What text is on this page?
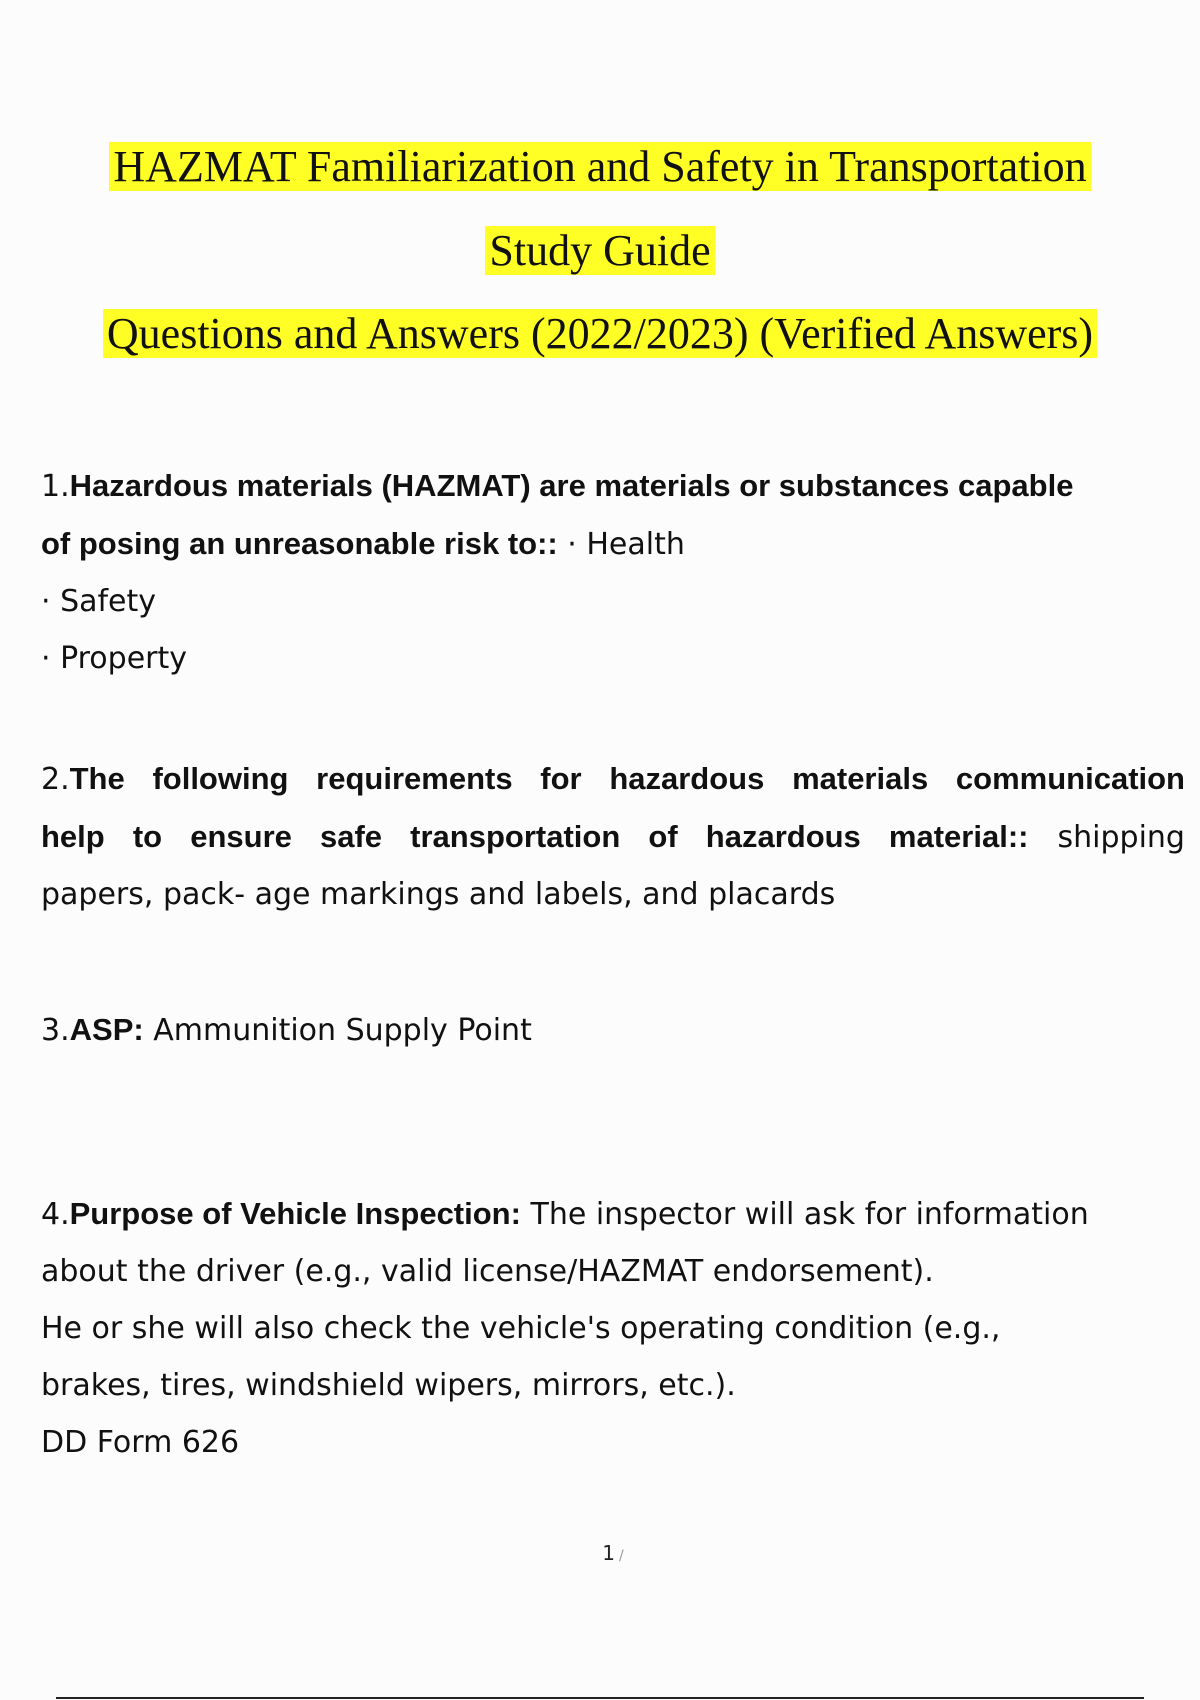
HAZMAT Familiarization and Safety in Transportation
Study Guide
Questions and Answers (2022/2023) (Verified Answers)
1.Hazardous materials (HAZMAT) are materials or substances capable
of posing an unreasonable risk to:: · Health
· Safety
· Property
2.The following requirements for hazardous materials communication
help to ensure safe transportation of hazardous material:: shipping
papers, pack- age markings and labels, and placards
3.ASP: Ammunition Supply Point
4.Purpose of Vehicle Inspection: The inspector will ask for information
about the driver (e.g., valid license/HAZMAT endorsement).
He or she will also check the vehicle's operating condition (e.g.,
brakes, tires, windshield wipers, mirrors, etc.).
DD Form 626
1 /
